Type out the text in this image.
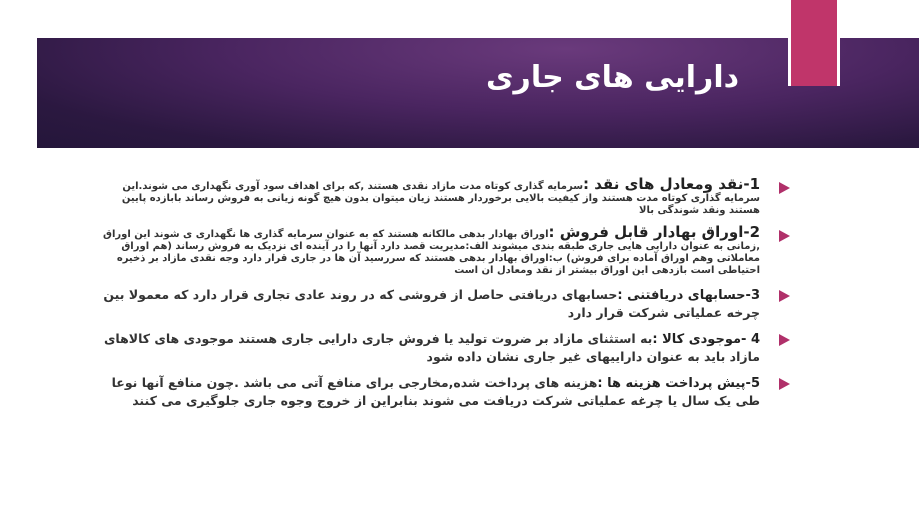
دارایی های جاری
1-نقد ومعادل های نقد :سرمایه گذاری کوتاه مدت مازاد نقدی هستند ,که برای اهداف سود آوری نگهداری می شوند.این سرمایه گذاری کوتاه مدت هستند واز کیفیت بالایی برخوردار هستند زیان میتوان بدون هیچ گونه زیانی به فروش رساند بابازده پایین هستند ونقد شوندگی بالا
2-اوراق بهادار قابل فروش :اوراق بهادار بدهی مالکانه هستند که به عنوان سرمایه گذاری ها نگهداری ی شوند این اوراق ,زمانی به عنوان دارایی هایی جاری طبقه بندی میشوند الف:مدیریت قصد دارد آنها را در آینده ای نزدیک به فروش رساند (هم اوراق معاملاتی وهم اوراق آماده برای فروش) ب:اوراق بهادار بدهی هستند که سررسید آن ها در جاری قرار دارد وجه نقدی مازاد بر ذخیره احتیاطی است بازدهی این اوراق بیشتر از نقد ومعادل ان است
3-حسابهای دریافتنی :حسابهای دریافتی حاصل از فروشی که در روند عادی تجاری قرار دارد که معمولا بین چرخه عملیاتی شرکت قرار دارد
4 -موجودی کالا :به استثنای مازاد بر ضروت تولید یا فروش جاری دارایی جاری هستند موجودی های کالاهای مازاد باید به عنوان داراییهای غیر جاری نشان داده شود
5-پیش پرداخت هزینه ها :هزینه های پرداخت شده,مخارجی برای منافع آتی می باشد .چون منافع آنها نوعا طی یک سال یا چرغه عملیاتی شرکت دریافت می شوند بنابراین از خروج وجوه جاری جلوگیری می کنند
